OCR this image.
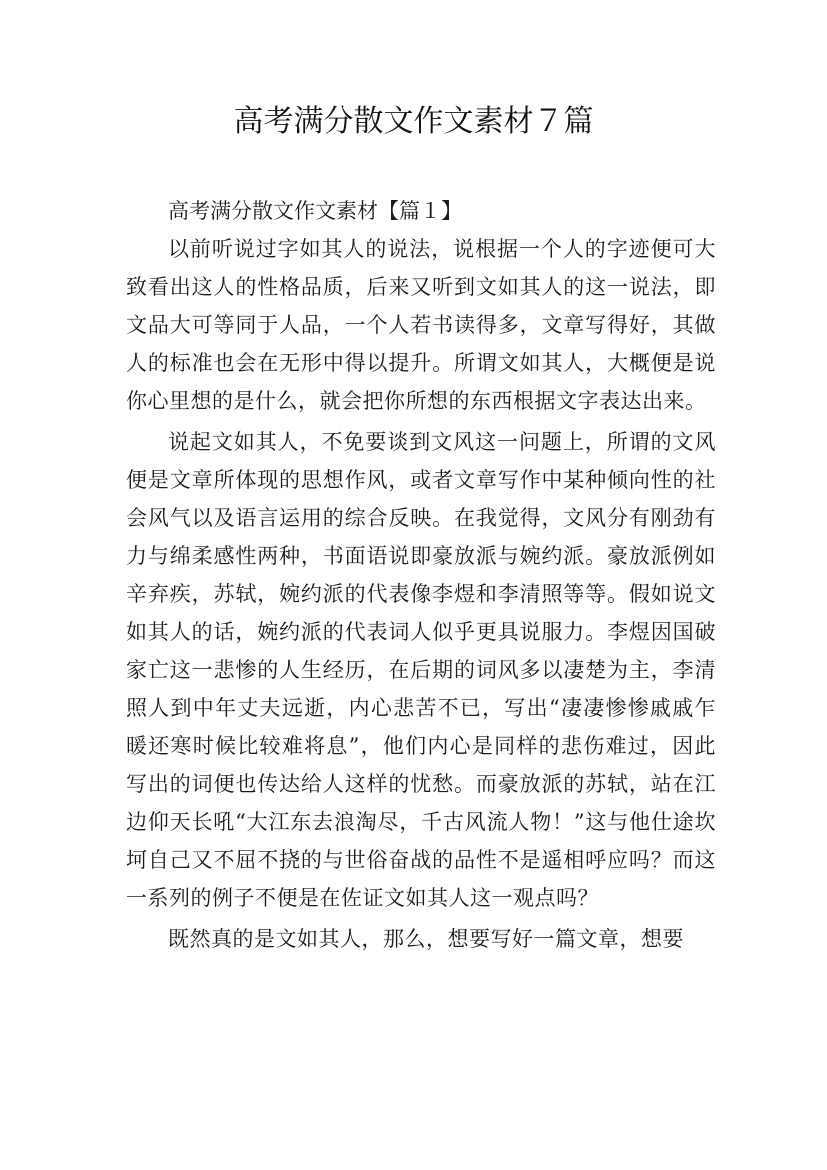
高考满分散文作文素材７篇

高考满分散文作文素材【篇１】

以前听说过字如其人的说法，说根据一个人的字迹便可大致看出这人的性格品质，后来又听到文如其人的这一说法，即文品大可等同于人品，一个人若书读得多，文章写得好，其做人的标准也会在无形中得以提升。所谓文如其人，大概便是说你心里想的是什么，就会把你所想的东西根据文字表达出来。

说起文如其人，不免要谈到文风这一问题上，所谓的文风便是文章所体现的思想作风，或者文章写作中某种倾向性的社会风气以及语言运用的综合反映。在我觉得，文风分有刚劲有力与绵柔感性两种，书面语说即豪放派与婉约派。豪放派例如辛弃疾，苏轼，婉约派的代表像李煜和李清照等等。假如说文如其人的话，婉约派的代表词人似乎更具说服力。李煜因国破家亡这一悲惨的人生经历，在后期的词风多以凄楚为主，李清照人到中年丈夫远逝，内心悲苦不已，写出“凄凄惨惨戚戚乍暖还寒时候比较难将息”，他们内心是同样的悲伤难过，因此写出的词便也传达给人这样的忧愁。而豪放派的苏轼，站在江边仰天长吼“大江东去浪淘尽，千古风流人物！”这与他仕途坎坷自己又不屈不挠的与世俗奋战的品性不是遥相呼应吗？而这一系列的例子不便是在佐证文如其人这一观点吗？

既然真的是文如其人，那么，想要写好一篇文章，想要
